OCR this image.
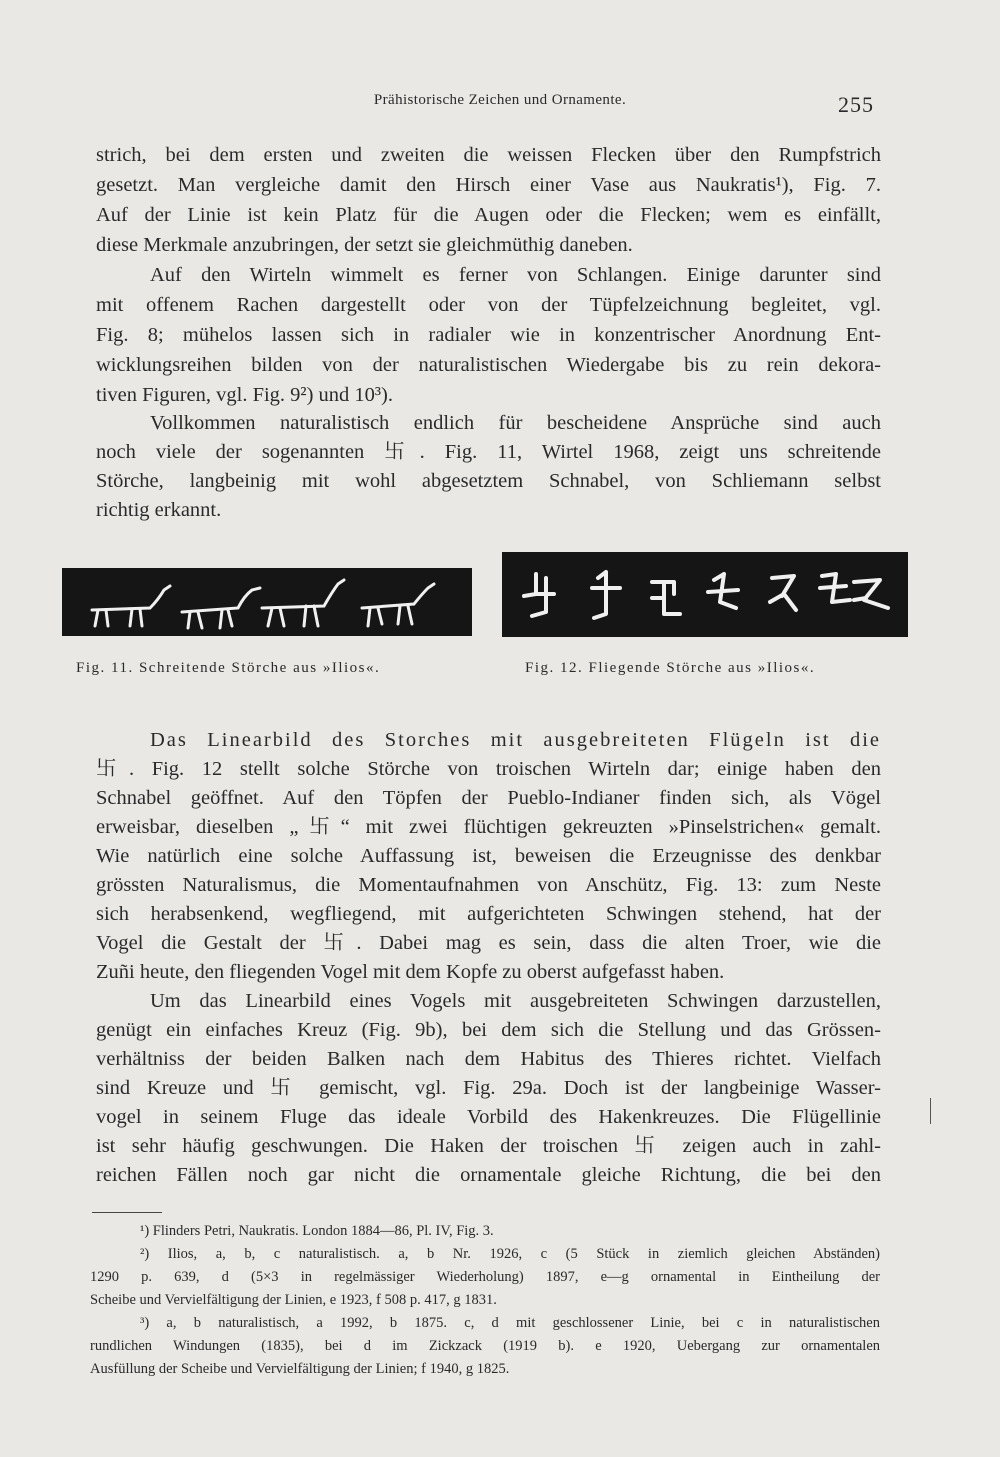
Prähistorische Zeichen und Ornamente.	255
strich, bei dem ersten und zweiten die weissen Flecken über den Rumpfstrich
gesetzt. Man vergleiche damit den Hirsch einer Vase aus Naukratis¹), Fig. 7.
Auf der Linie ist kein Platz für die Augen oder die Flecken; wem es einfällt,
diese Merkmale anzubringen, der setzt sie gleichmüthig daneben.
Auf den Wirteln wimmelt es ferner von Schlangen. Einige darunter sind
mit offenem Rachen dargestellt oder von der Tüpfelzeichnung begleitet, vgl.
Fig. 8; mühelos lassen sich in radialer wie in konzentrischer Anordnung Ent-
wicklungsreihen bilden von der naturalistischen Wiedergabe bis zu rein dekora-
tiven Figuren, vgl. Fig. 9²) und 10³).
Vollkommen naturalistisch endlich für bescheidene Ansprüche sind auch
noch viele der sogenannten 卐. Fig. 11, Wirtel 1968, zeigt uns schreitende
Störche, langbeinig mit wohl abgesetztem Schnabel, von Schliemann selbst
richtig erkannt.
Fig. 11. Schreitende Störche aus »Ilios«.	Fig. 12. Fliegende Störche aus »Ilios«.
Das Linearbild des Storches mit ausgebreiteten Flügeln ist die
卐. Fig. 12 stellt solche Störche von troischen Wirteln dar; einige haben den
Schnabel geöffnet. Auf den Töpfen der Pueblo-Indianer finden sich, als Vögel
erweisbar, dieselben „卐“ mit zwei flüchtigen gekreuzten »Pinselstrichen« gemalt.
Wie natürlich eine solche Auffassung ist, beweisen die Erzeugnisse des denkbar
grössten Naturalismus, die Momentaufnahmen von Anschütz, Fig. 13: zum Neste
sich herabsenkend, wegfliegend, mit aufgerichteten Schwingen stehend, hat der
Vogel die Gestalt der 卐. Dabei mag es sein, dass die alten Troer, wie die
Zuñi heute, den fliegenden Vogel mit dem Kopfe zu oberst aufgefasst haben.
Um das Linearbild eines Vogels mit ausgebreiteten Schwingen darzustellen,
genügt ein einfaches Kreuz (Fig. 9b), bei dem sich die Stellung und das Grössen-
verhältniss der beiden Balken nach dem Habitus des Thieres richtet. Vielfach
sind Kreuze und 卐 gemischt, vgl. Fig. 29a. Doch ist der langbeinige Wasser-
vogel in seinem Fluge das ideale Vorbild des Hakenkreuzes. Die Flügellinie
ist sehr häufig geschwungen. Die Haken der troischen 卐 zeigen auch in zahl-
reichen Fällen noch gar nicht die ornamentale gleiche Richtung, die bei den
¹) Flinders Petri, Naukratis. London 1884—86, Pl. IV, Fig. 3.
²) Ilios, a, b, c naturalistisch. a, b Nr. 1926, c (5 Stück in ziemlich gleichen Abständen)
1290 p. 639, d (5×3 in regelmässiger Wiederholung) 1897, e—g ornamental in Eintheilung der
Scheibe und Vervielfältigung der Linien, e 1923, f 508 p. 417, g 1831.
³) a, b naturalistisch, a 1992, b 1875. c, d mit geschlossener Linie, bei c in naturalistischen
rundlichen Windungen (1835), bei d im Zickzack (1919 b). e 1920, Uebergang zur ornamentalen
Ausfüllung der Scheibe und Vervielfältigung der Linien; f 1940, g 1825.
